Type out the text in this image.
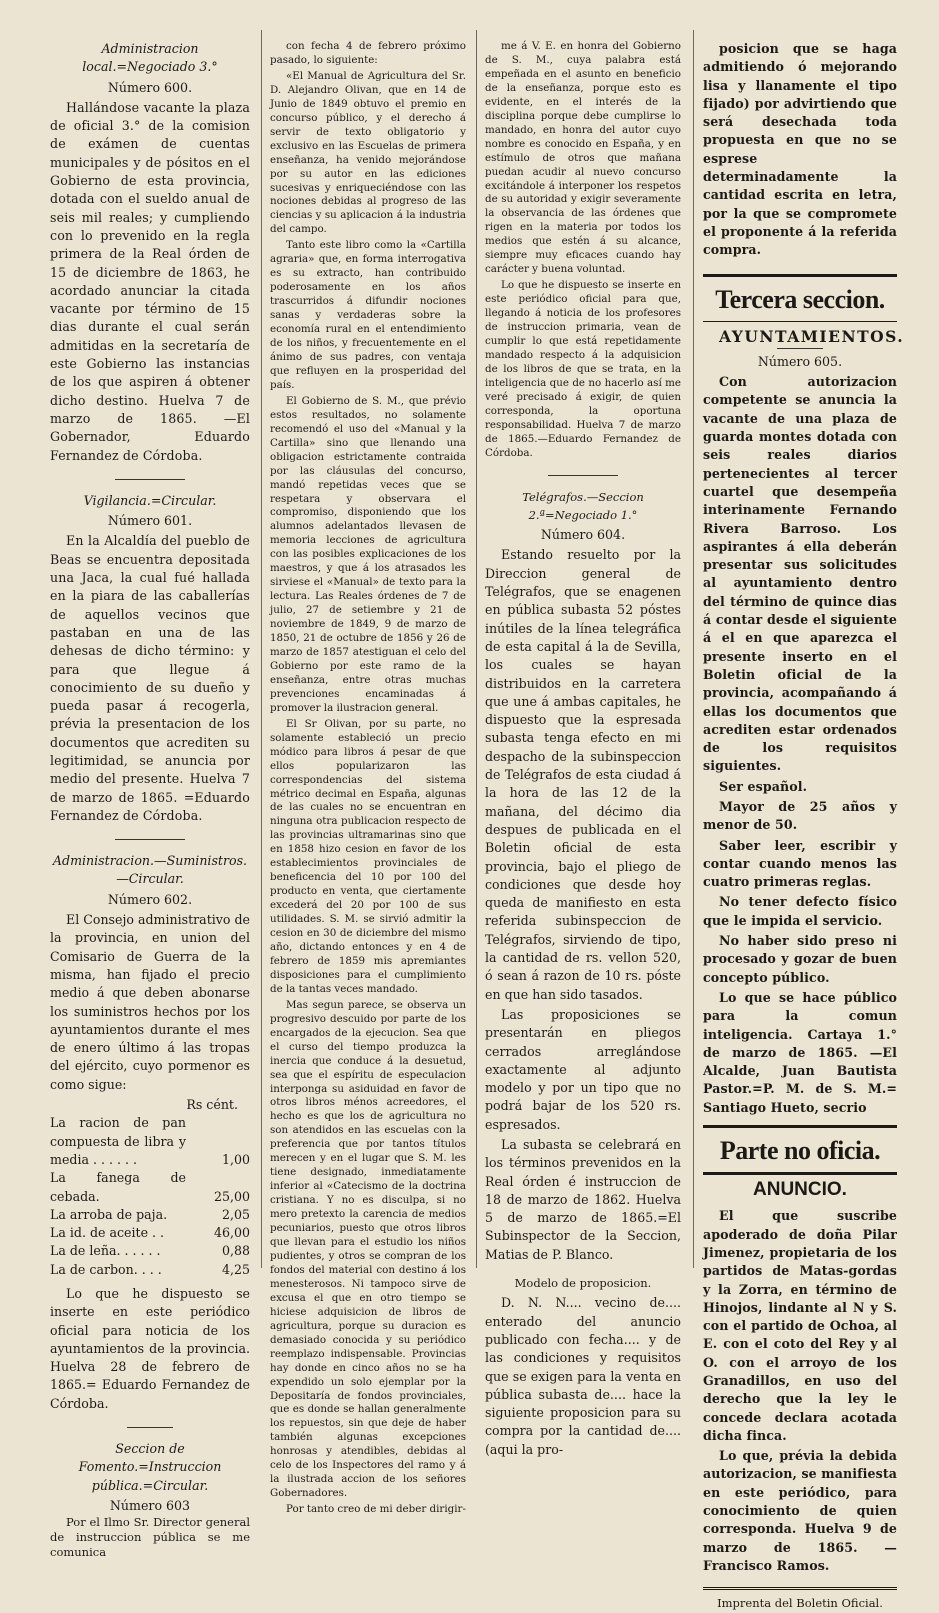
Administracion local.=Negociado 3.°

Número 600.

Hallándose vacante la plaza de oficial 3.° de la comision de exámen de cuentas municipales y de pósitos en el Gobierno de esta provincia, dotada con el sueldo anual de seis mil reales; y cumpliendo con lo prevenido en la regla primera de la Real órden de 15 de diciembre de 1863, he acordado anunciar la citada vacante por término de 15 dias durante el cual serán admitidas en la secretaría de este Gobierno las instancias de los que aspiren á obtener dicho destino. Huelva 7 de marzo de 1865. —El Gobernador, Eduardo Fernandez de Córdoba.

Vigilancia.=Circular.

Número 601.

En la Alcaldía del pueblo de Beas se encuentra depositada una Jaca, la cual fué hallada en la piara de las caballerías de aquellos vecinos que pastaban en una de las dehesas de dicho término: y para que llegue á conocimiento de su dueño y pueda pasar á recogerla, prévia la presentacion de los documentos que acrediten su legitimidad, se anuncia por medio del presente. Huelva 7 de marzo de 1865. =Eduardo Fernandez de Córdoba.

Administracion.—Suministros.—Circular.

Número 602.

El Consejo administrativo de la provincia, en union del Comisario de Guerra de la misma, han fijado el precio medio á que deben abonarse los suministros hechos por los ayuntamientos durante el mes de enero último á las tropas del ejército, cuyo pormenor es como sigue:

	Rs cént.
La racion de pan compuesta de libra y media . . . . . .	1,00
La fanega de cebada.	25,00
La arroba de paja.	2,05
La id. de aceite . .	46,00
La de leña. . . . . .	0,88
La de carbon. . . .	4,25

Lo que he dispuesto se inserte en este periódico oficial para noticia de los ayuntamientos de la provincia. Huelva 28 de febrero de 1865.= Eduardo Fernandez de Córdoba.

Seccion de Fomento.=Instruccion pública.=Circular.

Número 603

Por el Ilmo Sr. Director general de instruccion pública se me comunica

con fecha 4 de febrero próximo pasado, lo siguiente:

«El Manual de Agricultura del Sr. D. Alejandro Olivan, que en 14 de Junio de 1849 obtuvo el premio en concurso público, y el derecho á servir de texto obligatorio y exclusivo en las Escuelas de primera enseñanza, ha venido mejorándose por su autor en las ediciones sucesivas y enriqueciéndose con las nociones debidas al progreso de las ciencias y su aplicacion á la industria del campo.

Tanto este libro como la «Cartilla agraria» que, en forma interrogativa es su extracto, han contribuido poderosamente en los años trascurridos á difundir nociones sanas y verdaderas sobre la economía rural en el entendimiento de los niños, y frecuentemente en el ánimo de sus padres, con ventaja que refluyen en la prosperidad del país.

El Gobierno de S. M., que prévio estos resultados, no solamente recomendó el uso del «Manual y la Cartilla» sino que llenando una obligacion estrictamente contraida por las cláusulas del concurso, mandó repetidas veces que se respetara y observara el compromiso, disponiendo que los alumnos adelantados llevasen de memoria lecciones de agricultura con las posibles explicaciones de los maestros, y que á los atrasados les sirviese el «Manual» de texto para la lectura. Las Reales órdenes de 7 de julio, 27 de setiembre y 21 de noviembre de 1849, 9 de marzo de 1850, 21 de octubre de 1856 y 26 de marzo de 1857 atestiguan el celo del Gobierno por este ramo de la enseñanza, entre otras muchas prevenciones encaminadas á promover la ilustracion general.

El Sr Olivan, por su parte, no solamente estableció un precio módico para libros á pesar de que ellos popularizaron las correspondencias del sistema métrico decimal en España, algunas de las cuales no se encuentran en ninguna otra publicacion respecto de las provincias ultramarinas sino que en 1858 hizo cesion en favor de los establecimientos provinciales de beneficencia del 10 por 100 del producto en venta, que ciertamente excederá del 20 por 100 de sus utilidades. S. M. se sirvió admitir la cesion en 30 de diciembre del mismo año, dictando entonces y en 4 de febrero de 1859 mis apremiantes disposiciones para el cumplimiento de la tantas veces mandado.

Mas segun parece, se observa un progresivo descuido por parte de los encargados de la ejecucion. Sea que el curso del tiempo produzca la inercia que conduce á la desuetud, sea que el espíritu de especulacion interponga su asiduidad en favor de otros libros ménos acreedores, el hecho es que los de agricultura no son atendidos en las escuelas con la preferencia que por tantos títulos merecen y en el lugar que S. M. les tiene designado, inmediatamente inferior al «Catecismo de la doctrina cristiana. Y no es disculpa, si no mero pretexto la carencia de medios pecuniarios, puesto que otros libros que llevan para el estudio los niños pudientes, y otros se compran de los fondos del material con destino á los menesterosos. Ni tampoco sirve de excusa el que en otro tiempo se hiciese adquisicion de libros de agricultura, porque su duracion es demasiado conocida y su periódico reemplazo indispensable. Provincias hay donde en cinco años no se ha expendido un solo ejemplar por la Depositaría de fondos provinciales, que es donde se hallan generalmente los repuestos, sin que deje de haber también algunas excepciones honrosas y atendibles, debidas al celo de los Inspectores del ramo y á la ilustrada accion de los señores Gobernadores.

Por tanto creo de mi deber dirigir-

me á V. E. en honra del Gobierno de S. M., cuya palabra está empeñada en el asunto en beneficio de la enseñanza, porque esto es evidente, en el interés de la disciplina porque debe cumplirse lo mandado, en honra del autor cuyo nombre es conocido en España, y en estímulo de otros que mañana puedan acudir al nuevo concurso excitándole á interponer los respetos de su autoridad y exigir severamente la observancia de las órdenes que rigen en la materia por todos los medios que estén á su alcance, siempre muy eficaces cuando hay carácter y buena voluntad.

Lo que he dispuesto se inserte en este periódico oficial para que, llegando á noticia de los profesores de instruccion primaria, vean de cumplir lo que está repetidamente mandado respecto á la adquisicion de los libros de que se trata, en la inteligencia que de no hacerlo así me veré precisado á exigir, de quien corresponda, la oportuna responsabilidad. Huelva 7 de marzo de 1865.—Eduardo Fernandez de Córdoba.

Telégrafos.—Seccion 2.ª=Negociado 1.°

Número 604.

Estando resuelto por la Direccion general de Telégrafos, que se enagenen en pública subasta 52 póstes inútiles de la línea telegráfica de esta capital á la de Sevilla, los cuales se hayan distribuidos en la carretera que une á ambas capitales, he dispuesto que la espresada subasta tenga efecto en mi despacho de la subinspeccion de Telégrafos de esta ciudad á la hora de las 12 de la mañana, del décimo dia despues de publicada en el Boletin oficial de esta provincia, bajo el pliego de condiciones que desde hoy queda de manifiesto en esta referida subinspeccion de Telégrafos, sirviendo de tipo, la cantidad de rs. vellon 520, ó sean á razon de 10 rs. póste en que han sido tasados.

Las proposiciones se presentarán en pliegos cerrados arreglándose exactamente al adjunto modelo y por un tipo que no podrá bajar de los 520 rs. espresados.

La subasta se celebrará en los términos prevenidos en la Real órden é instruccion de 18 de marzo de 1862. Huelva 5 de marzo de 1865.=El Subinspector de la Seccion, Matias de P. Blanco.

Modelo de proposicion.

D. N. N.... vecino de.... enterado del anuncio publicado con fecha.... y de las condiciones y requisitos que se exigen para la venta en pública subasta de.... hace la siguiente proposicion para su compra por la cantidad de.... (aqui la pro-

posicion que se haga admitiendo ó mejorando lisa y llanamente el tipo fijado) por advirtiendo que será desechada toda propuesta en que no se esprese determinadamente la cantidad escrita en letra, por la que se compromete el proponente á la referida compra.

Tercera seccion.

AYUNTAMIENTOS.

Número 605.

Con autorizacion competente se anuncia la vacante de una plaza de guarda montes dotada con seis reales diarios pertenecientes al tercer cuartel que desempeña interinamente Fernando Rivera Barroso. Los aspirantes á ella deberán presentar sus solicitudes al ayuntamiento dentro del término de quince dias á contar desde el siguiente á el en que aparezca el presente inserto en el Boletin oficial de la provincia, acompañando á ellas los documentos que acrediten estar ordenados de los requisitos siguientes.

Ser español.

Mayor de 25 años y menor de 50.

Saber leer, escribir y contar cuando menos las cuatro primeras reglas.

No tener defecto físico que le impida el servicio.

No haber sido preso ni procesado y gozar de buen concepto público.

Lo que se hace público para la comun inteligencia. Cartaya 1.° de marzo de 1865. —El Alcalde, Juan Bautista Pastor.=P. M. de S. M.= Santiago Hueto, secrio

Parte no oficia.
ANUNCIO.

El que suscribe apoderado de doña Pilar Jimenez, propietaria de los partidos de Matas-gordas y la Zorra, en término de Hinojos, lindante al N y S. con el partido de Ochoa, al E. con el coto del Rey y al O. con el arroyo de los Granadillos, en uso del derecho que la ley le concede declara acotada dicha finca.

Lo que, prévia la debida autorizacion, se manifiesta en este periódico, para conocimiento de quien corresponda. Huelva 9 de marzo de 1865. —Francisco Ramos.

Imprenta del Boletin Oficial.
